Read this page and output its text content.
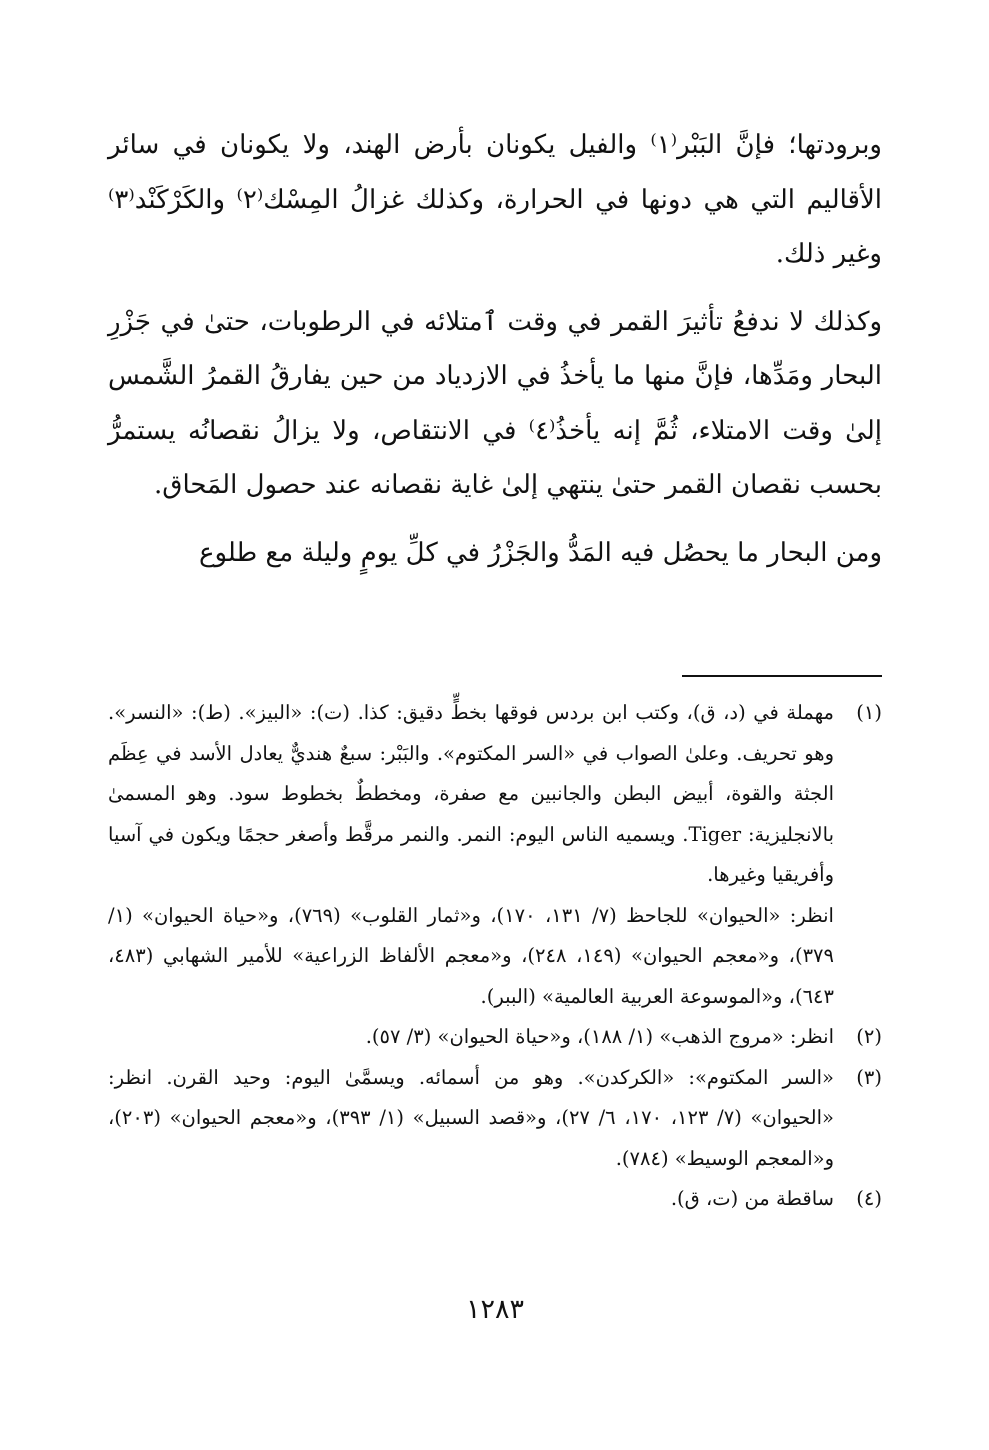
وبرودتها؛ فإنَّ البَبْر⁽١⁾ والفيل يكونان بأرض الهند، ولا يكونان في سائر الأقاليم التي هي دونها في الحرارة، وكذلك غزالُ المِسْك⁽٢⁾ والكَرْكَنْد⁽٣⁾ وغير ذلك.

وكذلك لا ندفعُ تأثيرَ القمر في وقت ٱمتلائه في الرطوبات، حتىٰ في جَزْرِ البحار ومَدِّها، فإنَّ منها ما يأخذُ في الازدياد من حين يفارقُ القمرُ الشَّمس إلىٰ وقت الامتلاء، ثُمَّ إنه يأخذُ⁽٤⁾ في الانتقاص، ولا يزالُ نقصانُه يستمرُّ بحسب نقصان القمر حتىٰ ينتهي إلىٰ غاية نقصانه عند حصول المَحاق.

ومن البحار ما يحصُل فيه المَدُّ والجَزْرُ في كلِّ يومٍ وليلة مع طلوع

(١)

مهملة في (د، ق)، وكتب ابن بردس فوقها بخطٍّ دقيق: كذا. (ت): «البيز». (ط): «النسر». وهو تحريف. وعلىٰ الصواب في «السر المكتوم». والبَبْر: سبعٌ هنديٌّ يعادل الأسد في عِظَم الجثة والقوة، أبيض البطن والجانبين مع صفرة، ومخططٌ بخطوط سود. وهو المسمىٰ بالانجليزية: Tiger. ويسميه الناس اليوم: النمر. والنمر مرقَّط وأصغر حجمًا ويكون في آسيا وأفريقيا وغيرها.

انظر: «الحيوان» للجاحظ (٧/ ١٣١، ١٧٠)، و«ثمار القلوب» (٧٦٩)، و«حياة الحيوان» (١/ ٣٧٩)، و«معجم الحيوان» (١٤٩، ٢٤٨)، و«معجم الألفاظ الزراعية» للأمير الشهابي (٤٨٣، ٦٤٣)، و«الموسوعة العربية العالمية» (الببر).

(٢)

انظر: «مروج الذهب» (١/ ١٨٨)، و«حياة الحيوان» (٣/ ٥٧).

(٣)

«السر المكتوم»: «الكركدن». وهو من أسمائه. ويسمَّىٰ اليوم: وحيد القرن. انظر: «الحيوان» (٧/ ١٢٣، ١٧٠، ٦/ ٢٧)، و«قصد السبيل» (١/ ٣٩٣)، و«معجم الحيوان» (٢٠٣)، و«المعجم الوسيط» (٧٨٤).

(٤)

ساقطة من (ت، ق).

١٢٨٣
